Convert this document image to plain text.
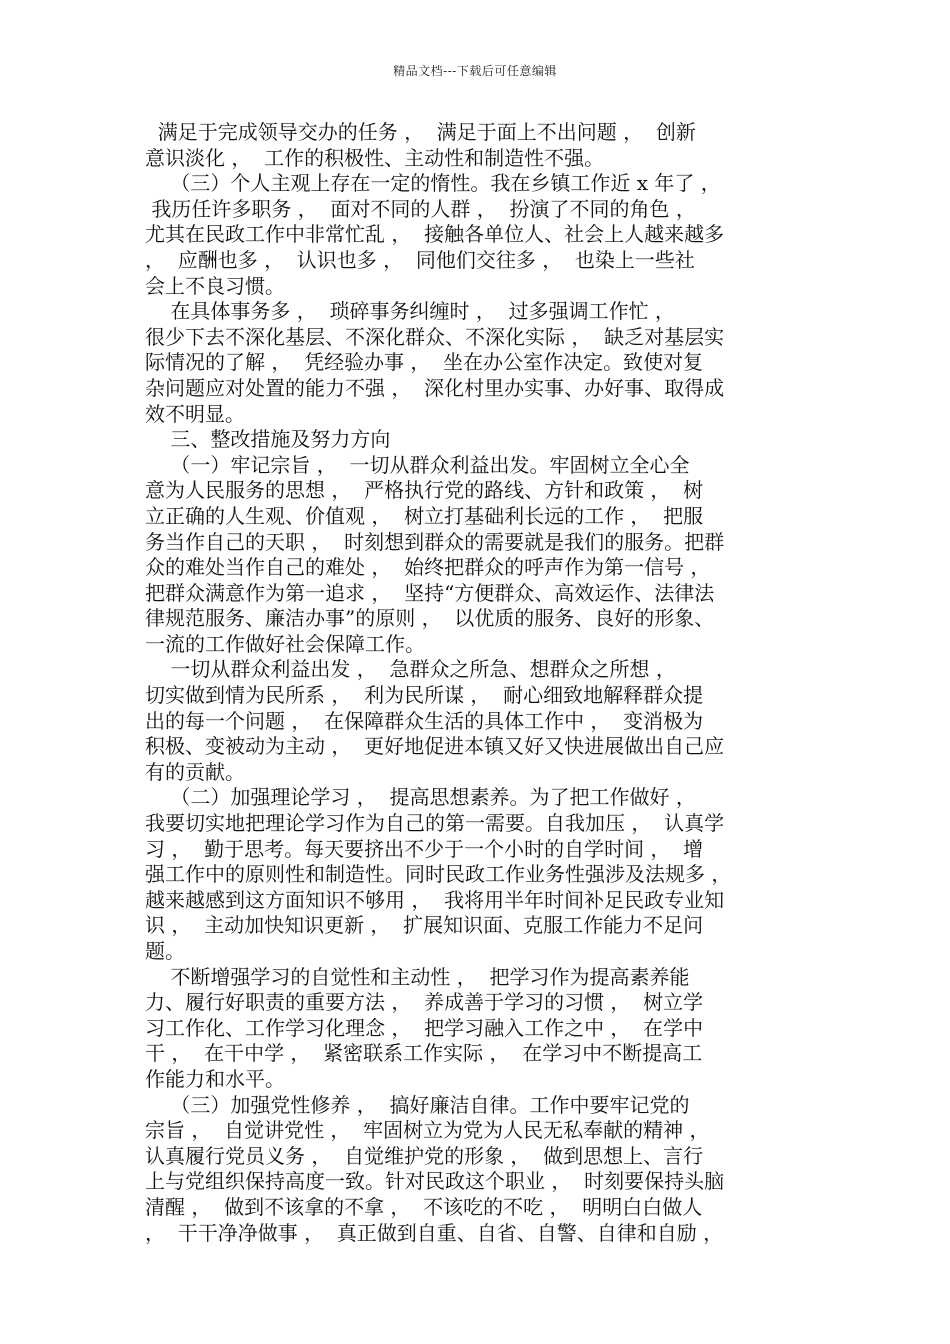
精品文档---下载后可任意编辑
满足于完成领导交办的任务 ，  满足于面上不出问题 ，  创新
意识淡化 ，  工作的积极性、主动性和制造性不强。
（三）个人主观上存在一定的惰性。我在乡镇工作近 x 年了 ，
我历任许多职务 ，  面对不同的人群 ，  扮演了不同的角色 ，
尤其在民政工作中非常忙乱 ，  接触各单位人、社会上人越来越多
，  应酬也多 ，  认识也多 ，  同他们交往多 ，  也染上一些社
会上不良习惯。
在具体事务多 ，  琐碎事务纠缠时 ，  过多强调工作忙 ，
很少下去不深化基层、不深化群众、不深化实际 ，  缺乏对基层实
际情况的了解 ，  凭经验办事 ，  坐在办公室作决定。致使对复
杂问题应对处置的能力不强 ，  深化村里办实事、办好事、取得成
效不明显。
三、整改措施及努力方向
（一）牢记宗旨 ，  一切从群众利益出发。牢固树立全心全
意为人民服务的思想 ，  严格执行党的路线、方针和政策 ，  树
立正确的人生观、价值观 ，  树立打基础利长远的工作 ，  把服
务当作自己的天职 ，  时刻想到群众的需要就是我们的服务。把群
众的难处当作自己的难处 ，  始终把群众的呼声作为第一信号 ，
把群众满意作为第一追求 ，  坚持“方便群众、高效运作、法律法
律规范服务、廉洁办事”的原则 ，  以优质的服务、良好的形象、
一流的工作做好社会保障工作。
一切从群众利益出发 ，  急群众之所急、想群众之所想 ，
切实做到情为民所系 ，  利为民所谋 ，  耐心细致地解释群众提
出的每一个问题 ，  在保障群众生活的具体工作中 ，  变消极为
积极、变被动为主动 ，  更好地促进本镇又好又快进展做出自己应
有的贡献。
（二）加强理论学习 ，  提高思想素养。为了把工作做好 ，
我要切实地把理论学习作为自己的第一需要。自我加压 ，  认真学
习 ，  勤于思考。每天要挤出不少于一个小时的自学时间 ，  增
强工作中的原则性和制造性。同时民政工作业务性强涉及法规多 ，
越来越感到这方面知识不够用 ，  我将用半年时间补足民政专业知
识 ，  主动加快知识更新 ，  扩展知识面、克服工作能力不足问
题。
不断增强学习的自觉性和主动性 ，  把学习作为提高素养能
力、履行好职责的重要方法 ，  养成善于学习的习惯 ，  树立学
习工作化、工作学习化理念 ，  把学习融入工作之中 ，  在学中
干 ，  在干中学 ，  紧密联系工作实际 ，  在学习中不断提高工
作能力和水平。
（三）加强党性修养 ，  搞好廉洁自律。工作中要牢记党的
宗旨 ，  自觉讲党性 ，  牢固树立为党为人民无私奉献的精神 ，
认真履行党员义务 ，  自觉维护党的形象 ，  做到思想上、言行
上与党组织保持高度一致。针对民政这个职业 ，  时刻要保持头脑
清醒 ，  做到不该拿的不拿 ，  不该吃的不吃 ，  明明白白做人
，  干干净净做事 ，  真正做到自重、自省、自警、自律和自励 ，
